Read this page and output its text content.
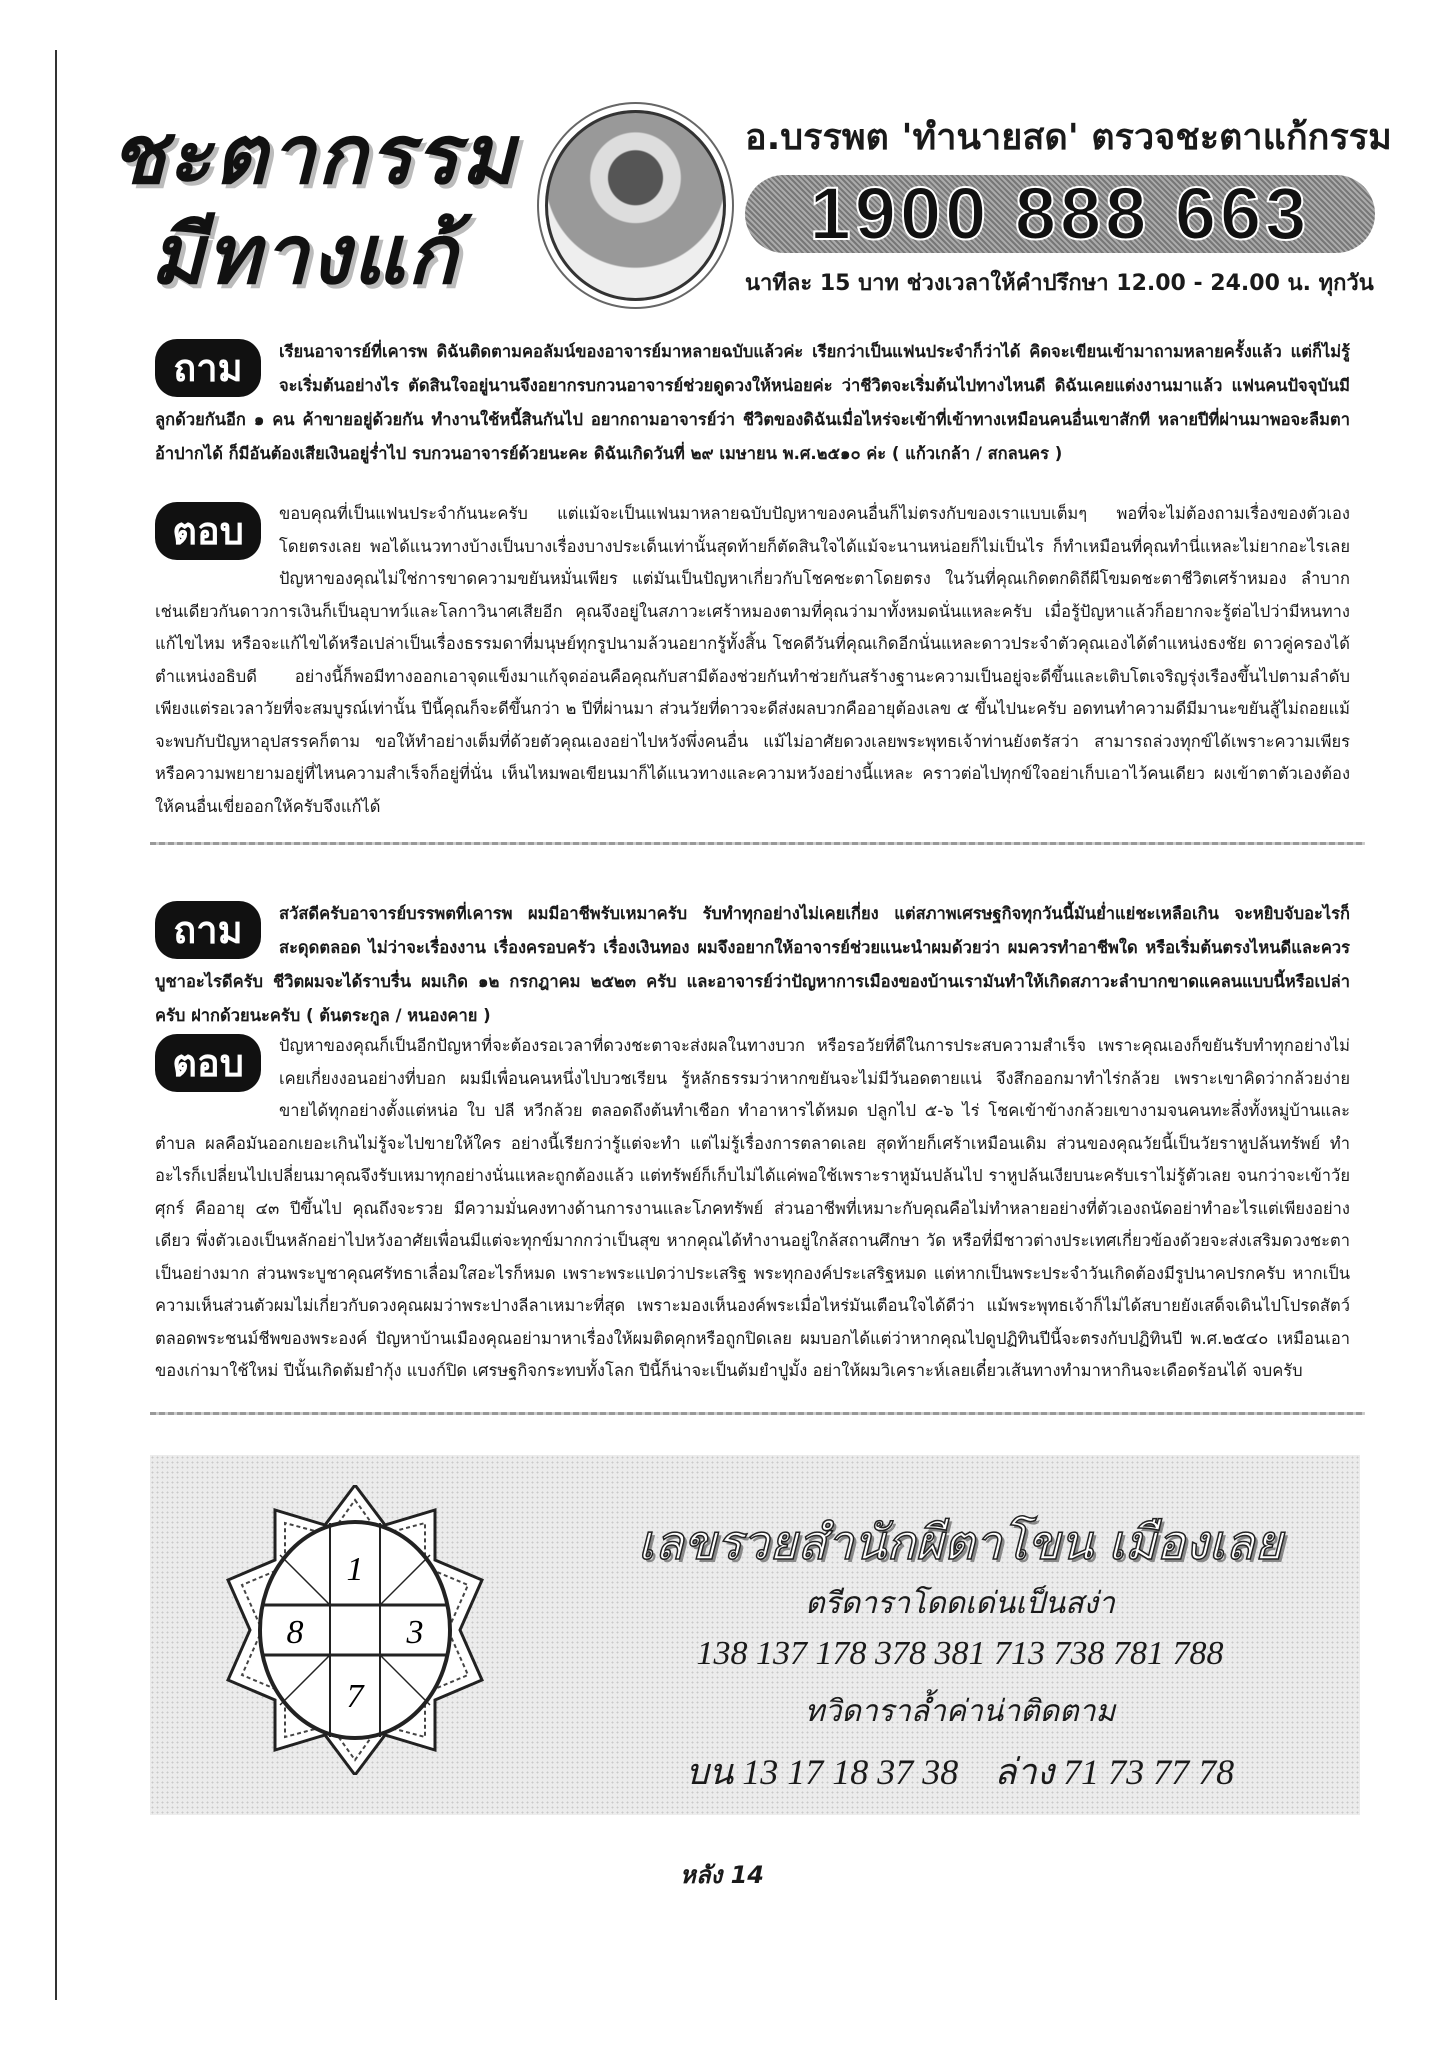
ชะตากรรม
มีทางแก้
อ.บรรพต 'ทำนายสด' ตรวจชะตาแก้กรรม
1900 888 663
นาทีละ 15 บาท ช่วงเวลาให้คำปรึกษา 12.00 - 24.00 น. ทุกวัน
ถาม	เรียนอาจารย์ที่เคารพ ดิฉันติดตามคอลัมน์ของอาจารย์มาหลายฉบับแล้วค่ะ เรียกว่าเป็นแฟนประจำก็ว่าได้ คิดจะเขียนเข้ามาถามหลายครั้งแล้ว แต่ก็ไม่รู้จะเริ่มต้นอย่างไร ตัดสินใจอยู่นานจึงอยากรบกวนอาจารย์ช่วยดูดวงให้หน่อยค่ะ ว่าชีวิตจะเริ่มต้นไปทางไหนดี ดิฉันเคยแต่งงานมาแล้ว แฟนคนปัจจุบันมีลูกด้วยกันอีก ๑ คน ค้าขายอยู่ด้วยกัน ทำงานใช้หนี้สินกันไป อยากถามอาจารย์ว่า ชีวิตของดิฉันเมื่อไหร่จะเข้าที่เข้าทางเหมือนคนอื่นเขาสักที หลายปีที่ผ่านมาพอจะลืมตาอ้าปากได้ ก็มีอันต้องเสียเงินอยู่ร่ำไป รบกวนอาจารย์ด้วยนะคะ ดิฉันเกิดวันที่ ๒๙ เมษายน พ.ศ.๒๕๑๐ ค่ะ ( แก้วเกล้า / สกลนคร )
ตอบ	ขอบคุณที่เป็นแฟนประจำกันนะครับ แต่แม้จะเป็นแฟนมาหลายฉบับปัญหาของคนอื่นก็ไม่ตรงกับของเราแบบเต็มๆ พอที่จะไม่ต้องถามเรื่องของตัวเองโดยตรงเลย พอได้แนวทางบ้างเป็นบางเรื่องบางประเด็นเท่านั้นสุดท้ายก็ตัดสินใจได้แม้จะนานหน่อยก็ไม่เป็นไร ก็ทำเหมือนที่คุณทำนี่แหละไม่ยากอะไรเลย ปัญหาของคุณไม่ใช่การขาดความขยันหมั่นเพียร แต่มันเป็นปัญหาเกี่ยวกับโชคชะตาโดยตรง ในวันที่คุณเกิดตกดิถีผีโขมดชะตาชีวิตเศร้าหมอง ลำบาก เช่นเดียวกันดาวการเงินก็เป็นอุบาทว์และโลกาวินาศเสียอีก คุณจึงอยู่ในสภาวะเศร้าหมองตามที่คุณว่ามาทั้งหมดนั่นแหละครับ เมื่อรู้ปัญหาแล้วก็อยากจะรู้ต่อไปว่ามีหนทางแก้ไขไหม หรือจะแก้ไขได้หรือเปล่าเป็นเรื่องธรรมดาที่มนุษย์ทุกรูปนามล้วนอยากรู้ทั้งสิ้น โชคดีวันที่คุณเกิดอีกนั่นแหละดาวประจำตัวคุณเองได้ตำแหน่งธงชัย ดาวคู่ครองได้ตำแหน่งอธิบดี อย่างนี้ก็พอมีทางออกเอาจุดแข็งมาแก้จุดอ่อนคือคุณกับสามีต้องช่วยกันทำช่วยกันสร้างฐานะความเป็นอยู่จะดีขึ้นและเติบโตเจริญรุ่งเรืองขึ้นไปตามลำดับ เพียงแต่รอเวลาวัยที่จะสมบูรณ์เท่านั้น ปีนี้คุณก็จะดีขึ้นกว่า ๒ ปีที่ผ่านมา ส่วนวัยที่ดาวจะดีส่งผลบวกคืออายุต้องเลข ๕ ขึ้นไปนะครับ อดทนทำความดีมีมานะขยันสู้ไม่ถอยแม้จะพบกับปัญหาอุปสรรคก็ตาม ขอให้ทำอย่างเต็มที่ด้วยตัวคุณเองอย่าไปหวังพึ่งคนอื่น แม้ไม่อาศัยดวงเลยพระพุทธเจ้าท่านยังตรัสว่า สามารถล่วงทุกข์ได้เพราะความเพียร หรือความพยายามอยู่ที่ไหนความสำเร็จก็อยู่ที่นั่น เห็นไหมพอเขียนมาก็ได้แนวทางและความหวังอย่างนี้แหละ คราวต่อไปทุกข์ใจอย่าเก็บเอาไว้คนเดียว ผงเข้าตาตัวเองต้องให้คนอื่นเขี่ยออกให้ครับจึงแก้ได้
ถาม	สวัสดีครับอาจารย์บรรพตที่เคารพ ผมมีอาชีพรับเหมาครับ รับทำทุกอย่างไม่เคยเกี่ยง แต่สภาพเศรษฐกิจทุกวันนี้มันย่ำแย่ชะเหลือเกิน จะหยิบจับอะไรก็สะดุดตลอด ไม่ว่าจะเรื่องงาน เรื่องครอบครัว เรื่องเงินทอง ผมจึงอยากให้อาจารย์ช่วยแนะนำผมด้วยว่า ผมควรทำอาชีพใด หรือเริ่มต้นตรงไหนดีและควรบูชาอะไรดีครับ ชีวิตผมจะได้ราบรื่น ผมเกิด ๑๒ กรกฎาคม ๒๕๒๓ ครับ และอาจารย์ว่าปัญหาการเมืองของบ้านเรามันทำให้เกิดสภาวะลำบากขาดแคลนแบบนี้หรือเปล่าครับ ฝากด้วยนะครับ ( ต้นตระกูล / หนองคาย )
ตอบ	ปัญหาของคุณก็เป็นอีกปัญหาที่จะต้องรอเวลาที่ดวงชะตาจะส่งผลในทางบวก หรือรอวัยที่ดีในการประสบความสำเร็จ เพราะคุณเองก็ขยันรับทำทุกอย่างไม่เคยเกี่ยงงอนอย่างที่บอก ผมมีเพื่อนคนหนึ่งไปบวชเรียน รู้หลักธรรมว่าหากขยันจะไม่มีวันอดตายแน่ จึงสึกออกมาทำไร่กล้วย เพราะเขาคิดว่ากล้วยง่าย ขายได้ทุกอย่างตั้งแต่หน่อ ใบ ปลี หวีกล้วย ตลอดถึงต้นทำเชือก ทำอาหารได้หมด ปลูกไป ๕-๖ ไร่ โชคเข้าข้างกล้วยเขางามจนคนทะลึ่งทั้งหมู่บ้านและตำบล ผลคือมันออกเยอะเกินไม่รู้จะไปขายให้ใคร อย่างนี้เรียกว่ารู้แต่จะทำ แต่ไม่รู้เรื่องการตลาดเลย สุดท้ายก็เศร้าเหมือนเดิม ส่วนของคุณวัยนี้เป็นวัยราหูปล้นทรัพย์ ทำอะไรก็เปลี่ยนไปเปลี่ยนมาคุณจึงรับเหมาทุกอย่างนั่นแหละถูกต้องแล้ว แต่ทรัพย์ก็เก็บไม่ได้แค่พอใช้เพราะราหูมันปล้นไป ราหูปล้นเงียบนะครับเราไม่รู้ตัวเลย จนกว่าจะเข้าวัยศุกร์ คืออายุ ๔๓ ปีขึ้นไป คุณถึงจะรวย มีความมั่นคงทางด้านการงานและโภคทรัพย์ ส่วนอาชีพที่เหมาะกับคุณคือไม่ทำหลายอย่างที่ตัวเองถนัดอย่าทำอะไรแต่เพียงอย่างเดียว พึ่งตัวเองเป็นหลักอย่าไปหวังอาศัยเพื่อนมีแต่จะทุกข์มากกว่าเป็นสุข หากคุณได้ทำงานอยู่ใกล้สถานศึกษา วัด หรือที่มีชาวต่างประเทศเกี่ยวข้องด้วยจะส่งเสริมดวงชะตาเป็นอย่างมาก ส่วนพระบูชาคุณศรัทธาเลื่อมใสอะไรก็หมด เพราะพระแปดว่าประเสริฐ พระทุกองค์ประเสริฐหมด แต่หากเป็นพระประจำวันเกิดต้องมีรูปนาคปรกครับ หากเป็นความเห็นส่วนตัวผมไม่เกี่ยวกับดวงคุณผมว่าพระปางลีลาเหมาะที่สุด เพราะมองเห็นองค์พระเมื่อไหร่มันเตือนใจได้ดีว่า แม้พระพุทธเจ้าก็ไม่ได้สบายยังเสด็จเดินไปโปรดสัตว์ตลอดพระชนม์ชีพของพระองค์ ปัญหาบ้านเมืองคุณอย่ามาหาเรื่องให้ผมติดคุกหรือถูกปิดเลย ผมบอกได้แต่ว่าหากคุณไปดูปฏิทินปีนี้จะตรงกับปฏิทินปี พ.ศ.๒๕๔๐ เหมือนเอาของเก่ามาใช้ใหม่ ปีนั้นเกิดต้มยำกุ้ง แบงก์ปิด เศรษฐกิจกระทบทั้งโลก ปีนี้ก็น่าจะเป็นต้มยำปูมั้ง อย่าให้ผมวิเคราะห์เลยเดี๋ยวเส้นทางทำมาหากินจะเดือดร้อนได้ จบครับ
1
8	3
7
เลขรวยสำนักผีตาโขน เมืองเลย
ตรีดาราโดดเด่นเป็นสง่า
138 137 178 378 381 713 738 781 788
ทวิดาราล้ำค่าน่าติดตาม
บน 13 17 18 37 38    ล่าง 71 73 77 78
หลัง 14
